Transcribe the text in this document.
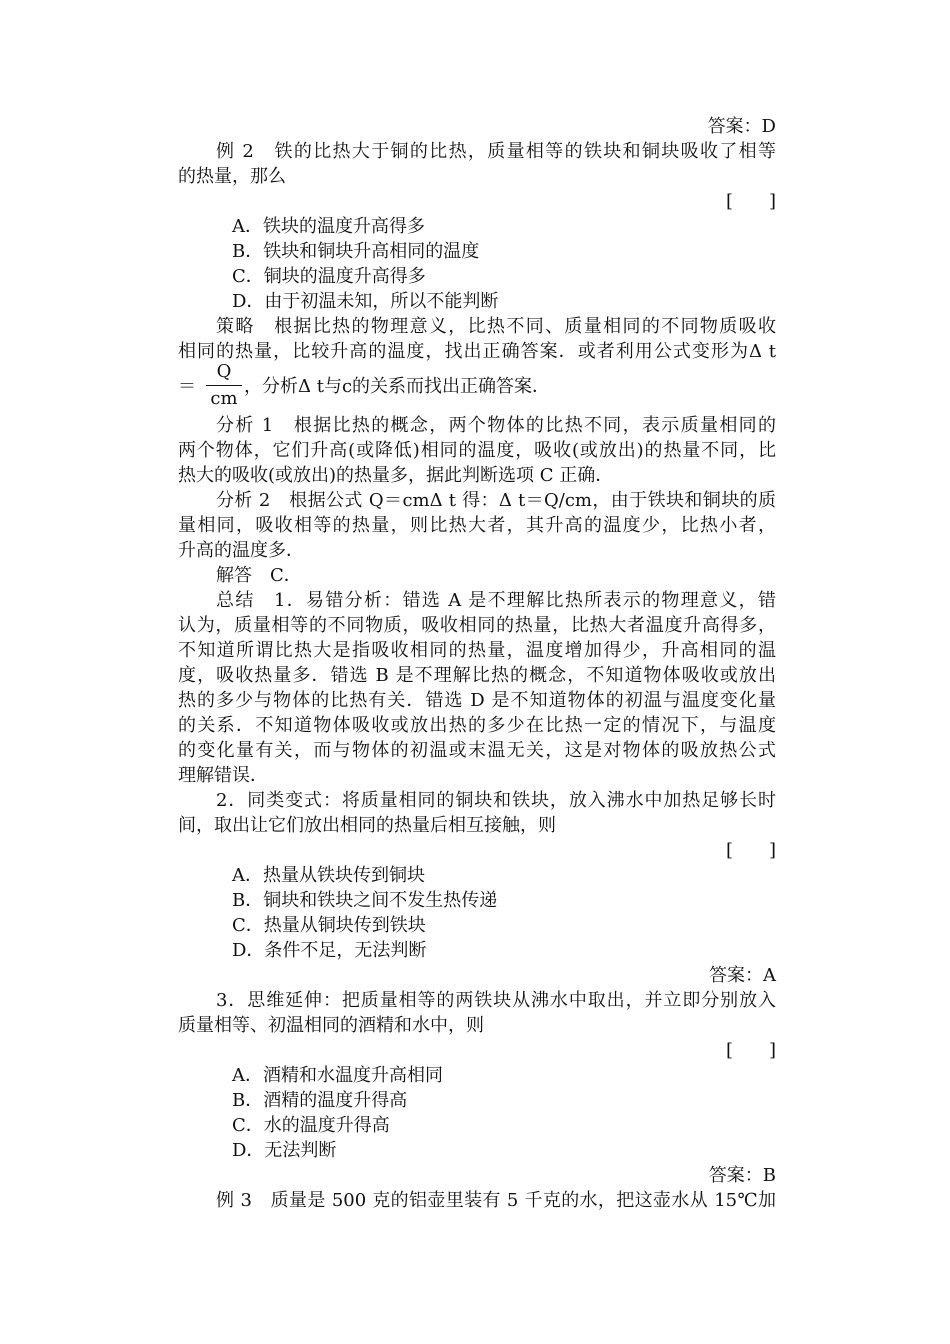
答案：D
例 2　铁的比热大于铜的比热，质量相等的铁块和铜块吸收了相等
的热量，那么
[　　]
A．铁块的温度升高得多
B．铁块和铜块升高相同的温度
C．铜块的温度升高得多
D．由于初温未知，所以不能判断
策略　根据比热的物理意义，比热不同、质量相同的不同物质吸收
相同的热量，比较升高的温度，找出正确答案．或者利用公式变形为Δ t
＝
Q
cm
，分析Δ t与c的关系而找出正确答案．
分析 1　根据比热的概念，两个物体的比热不同，表示质量相同的
两个物体，它们升高(或降低)相同的温度，吸收(或放出)的热量不同，比
热大的吸收(或放出)的热量多，据此判断选项 C 正确．
分析 2　根据公式 Q＝cmΔ t 得：Δ t＝Q/cm，由于铁块和铜块的质
量相同，吸收相等的热量，则比热大者，其升高的温度少，比热小者，
升高的温度多．
解答　C．
总结　1．易错分析：错选 A 是不理解比热所表示的物理意义，错
认为，质量相等的不同物质，吸收相同的热量，比热大者温度升高得多，
不知道所谓比热大是指吸收相同的热量，温度增加得少，升高相同的温
度，吸收热量多．错选 B 是不理解比热的概念，不知道物体吸收或放出
热的多少与物体的比热有关．错选 D 是不知道物体的初温与温度变化量
的关系．不知道物体吸收或放出热的多少在比热一定的情况下，与温度
的变化量有关，而与物体的初温或末温无关，这是对物体的吸放热公式
理解错误．
2．同类变式：将质量相同的铜块和铁块，放入沸水中加热足够长时
间，取出让它们放出相同的热量后相互接触，则
[　　]
A．热量从铁块传到铜块
B．铜块和铁块之间不发生热传递
C．热量从铜块传到铁块
D．条件不足，无法判断
答案：A
3．思维延伸：把质量相等的两铁块从沸水中取出，并立即分别放入
质量相等、初温相同的酒精和水中，则
[　　]
A．酒精和水温度升高相同
B．酒精的温度升得高
C．水的温度升得高
D．无法判断
答案：B
例 3　质量是 500 克的铝壶里装有 5 千克的水，把这壶水从 15℃加
